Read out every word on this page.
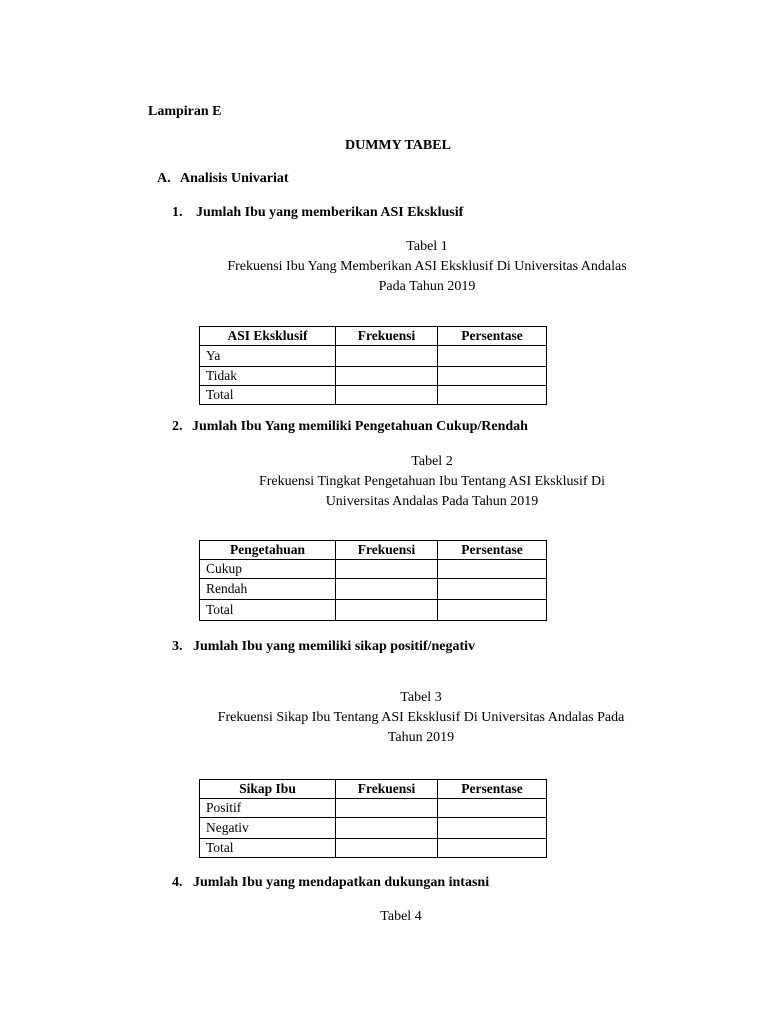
Lampiran E
DUMMY TABEL
A. Analisis Univariat
1. Jumlah Ibu yang memberikan ASI Eksklusif
Tabel 1
Frekuensi Ibu Yang Memberikan ASI Eksklusif Di Universitas Andalas
Pada Tahun 2019
ASI Eksklusif	Frekuensi	Persentase
Ya		
Tidak		
Total		
2. Jumlah Ibu Yang memiliki Pengetahuan Cukup/Rendah
Tabel 2
Frekuensi Tingkat Pengetahuan Ibu Tentang ASI Eksklusif Di
Universitas Andalas Pada Tahun 2019
Pengetahuan	Frekuensi	Persentase
Cukup		
Rendah		
Total		
3. Jumlah Ibu yang memiliki sikap positif/negativ
Tabel 3
Frekuensi Sikap Ibu Tentang ASI Eksklusif Di Universitas Andalas Pada
Tahun 2019
Sikap Ibu	Frekuensi	Persentase
Positif		
Negativ		
Total		
4. Jumlah Ibu yang mendapatkan dukungan intasni
Tabel 4
